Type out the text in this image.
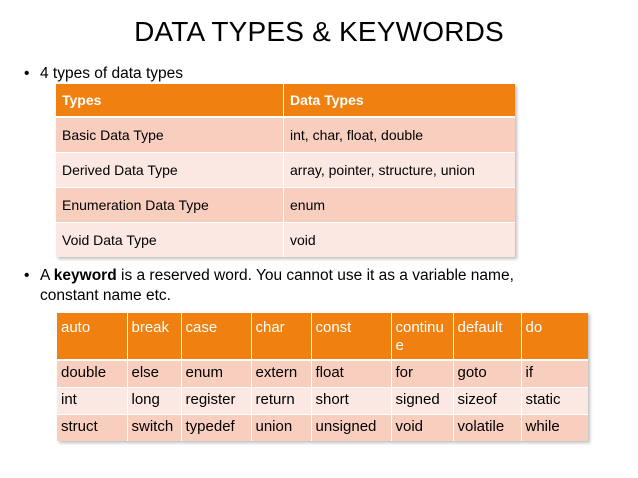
DATA TYPES & KEYWORDS
• 4 types of data types
Types	Data Types
Basic Data Type	int, char, float, double
Derived Data Type	array, pointer, structure, union
Enumeration Data Type	enum
Void Data Type	void
• A keyword is a reserved word. You cannot use it as a variable name,
constant name etc.
auto	break	case	char	const	continue	default	do
double	else	enum	extern	float	for	goto	if
int	long	register	return	short	signed	sizeof	static
struct	switch	typedef	union	unsigned	void	volatile	while
